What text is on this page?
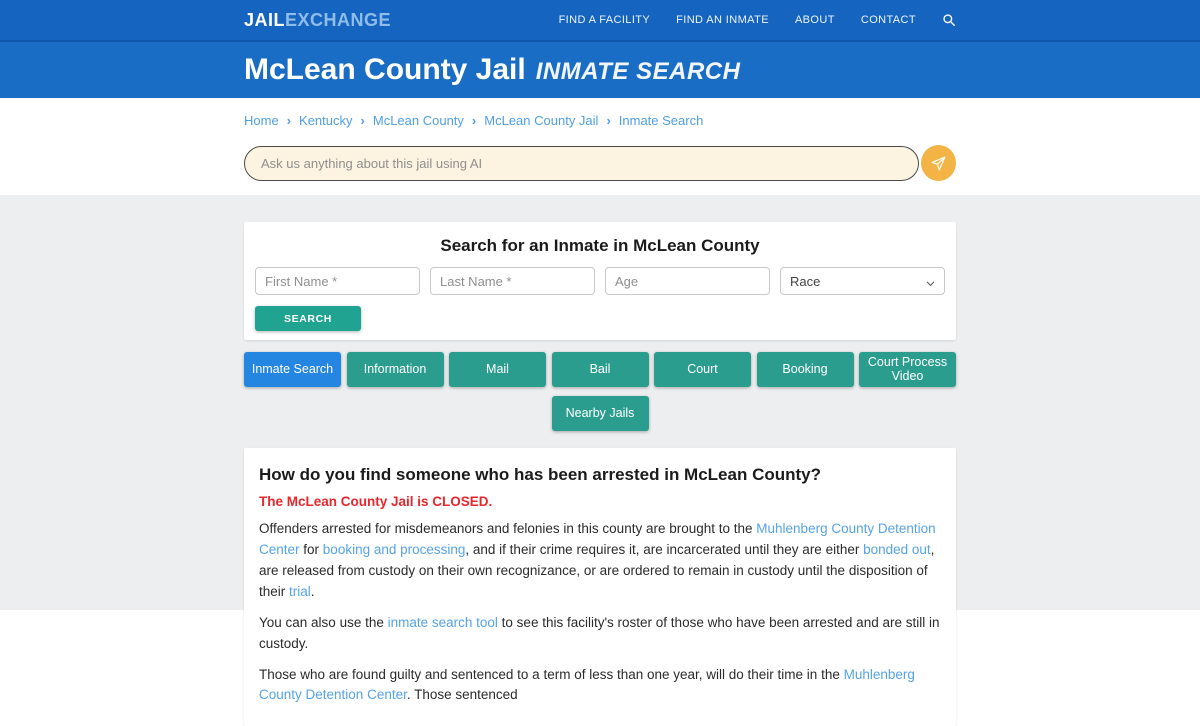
JAILEXCHANGE	FIND A FACILITY FIND AN INMATE ABOUT CONTACT
McLean County Jail INMATE SEARCH
Home › Kentucky › McLean County › McLean County Jail › Inmate Search
Ask us anything about this jail using AI
Search for an Inmate in McLean County
First Name *
Last Name *
Age
Race
SEARCH
Inmate Search	Information	Mail	Bail	Court	Booking	Court Process Video
Nearby Jails
How do you find someone who has been arrested in McLean County?
The McLean County Jail is CLOSED.

Offenders arrested for misdemeanors and felonies in this county are brought to the Muhlenberg County Detention Center for booking and processing, and if their crime requires it, are incarcerated until they are either bonded out, are released from custody on their own recognizance, or are ordered to remain in custody until the disposition of their trial.

You can also use the inmate search tool to see this facility's roster of those who have been arrested and are still in custody.

Those who are found guilty and sentenced to a term of less than one year, will do their time in the Muhlenberg County Detention Center. Those sentenced
